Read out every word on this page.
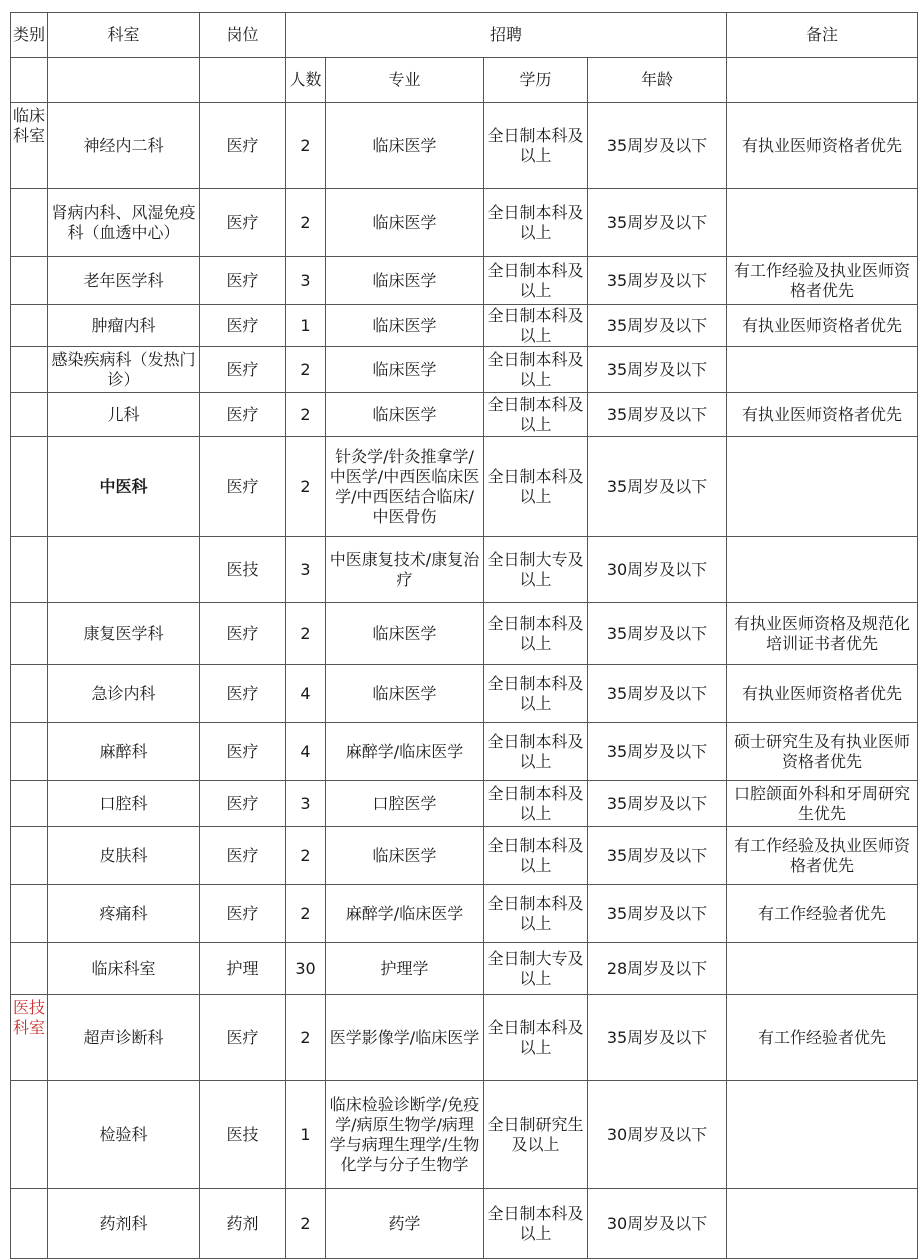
类别	科室	岗位	招聘				备注
			人数	专业	学历	年龄	
临床科室	神经内二科	医疗	2	临床医学	全日制本科及以上	35周岁及以下	有执业医师资格者优先
	肾病内科、风湿免疫科（血透中心）	医疗	2	临床医学	全日制本科及以上	35周岁及以下	
	老年医学科	医疗	3	临床医学	全日制本科及以上	35周岁及以下	有工作经验及执业医师资格者优先
	肿瘤内科	医疗	1	临床医学	全日制本科及以上	35周岁及以下	有执业医师资格者优先
	感染疾病科（发热门诊）	医疗	2	临床医学	全日制本科及以上	35周岁及以下	
	儿科	医疗	2	临床医学	全日制本科及以上	35周岁及以下	有执业医师资格者优先
	中医科	医疗	2	针灸学/针灸推拿学/中医学/中西医临床医学/中西医结合临床/中医骨伤	全日制本科及以上	35周岁及以下	
		医技	3	中医康复技术/康复治疗	全日制大专及以上	30周岁及以下	
	康复医学科	医疗	2	临床医学	全日制本科及以上	35周岁及以下	有执业医师资格及规范化培训证书者优先
	急诊内科	医疗	4	临床医学	全日制本科及以上	35周岁及以下	有执业医师资格者优先
	麻醉科	医疗	4	麻醉学/临床医学	全日制本科及以上	35周岁及以下	硕士研究生及有执业医师资格者优先
	口腔科	医疗	3	口腔医学	全日制本科及以上	35周岁及以下	口腔颌面外科和牙周研究生优先
	皮肤科	医疗	2	临床医学	全日制本科及以上	35周岁及以下	有工作经验及执业医师资格者优先
	疼痛科	医疗	2	麻醉学/临床医学	全日制本科及以上	35周岁及以下	有工作经验者优先
	临床科室	护理	30	护理学	全日制大专及以上	28周岁及以下	
医技科室	超声诊断科	医疗	2	医学影像学/临床医学	全日制本科及以上	35周岁及以下	有工作经验者优先
	检验科	医技	1	临床检验诊断学/免疫学/病原生物学/病理学与病理生理学/生物化学与分子生物学	全日制研究生及以上	30周岁及以下	
	药剂科	药剂	2	药学	全日制本科及以上	30周岁及以下	
